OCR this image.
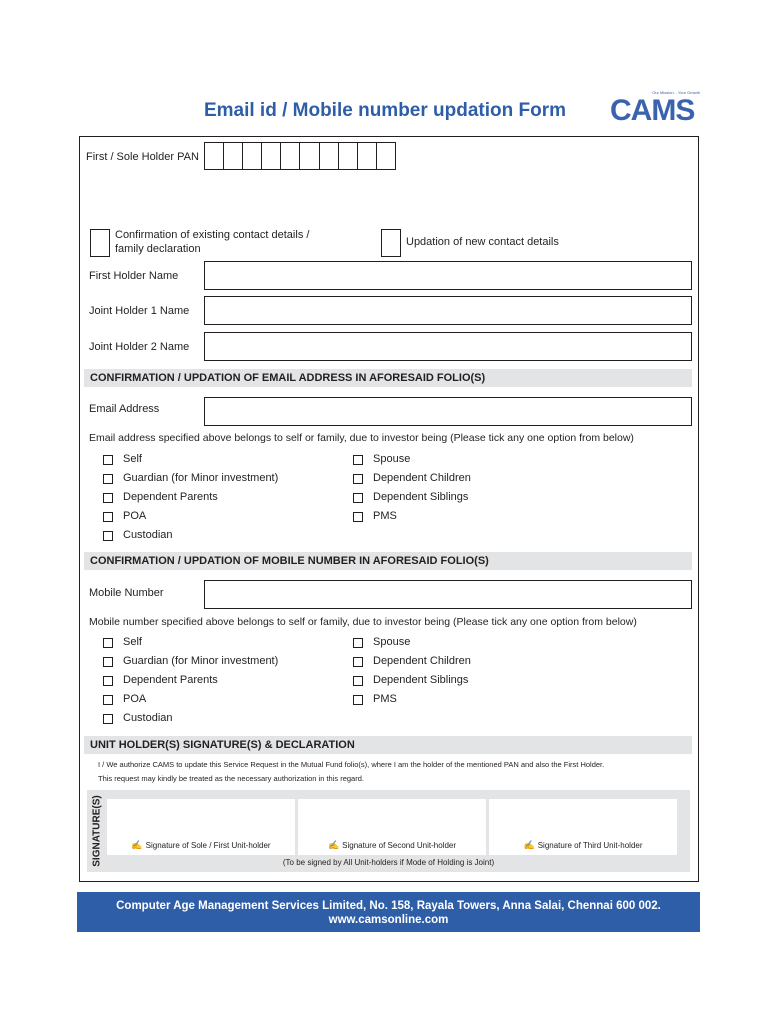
Email id / Mobile number updation Form
Our Mission... Your Growth
CAMS
First / Sole Holder PAN
Confirmation of existing contact details /
family declaration
Updation of new contact details
First Holder Name
Joint Holder 1 Name
Joint Holder 2 Name
CONFIRMATION / UPDATION OF EMAIL ADDRESS IN AFORESAID FOLIO(S)
Email Address
Email address specified above belongs to self or family, due to investor being (Please tick any one option from below)
Self
Guardian (for Minor investment)
Dependent Parents
POA
Custodian
Spouse
Dependent Children
Dependent Siblings
PMS
CONFIRMATION / UPDATION OF MOBILE NUMBER IN AFORESAID FOLIO(S)
Mobile Number
Mobile number specified above belongs to self or family, due to investor being (Please tick any one option from below)
Self
Guardian (for Minor investment)
Dependent Parents
POA
Custodian
Spouse
Dependent Children
Dependent Siblings
PMS
UNIT HOLDER(S) SIGNATURE(S) & DECLARATION
I / We authorize CAMS to update this Service Request in the Mutual Fund folio(s), where I am the holder of the mentioned PAN and also the First Holder.
This request may kindly be treated as the necessary authorization in this regard.
SIGNATURE(S)	✍ Signature of Sole / First Unit-holder	✍ Signature of Second Unit-holder	✍ Signature of Third Unit-holder
(To be signed by All Unit-holders if Mode of Holding is Joint)
Computer Age Management Services Limited, No. 158, Rayala Towers, Anna Salai, Chennai 600 002.
www.camsonline.com
